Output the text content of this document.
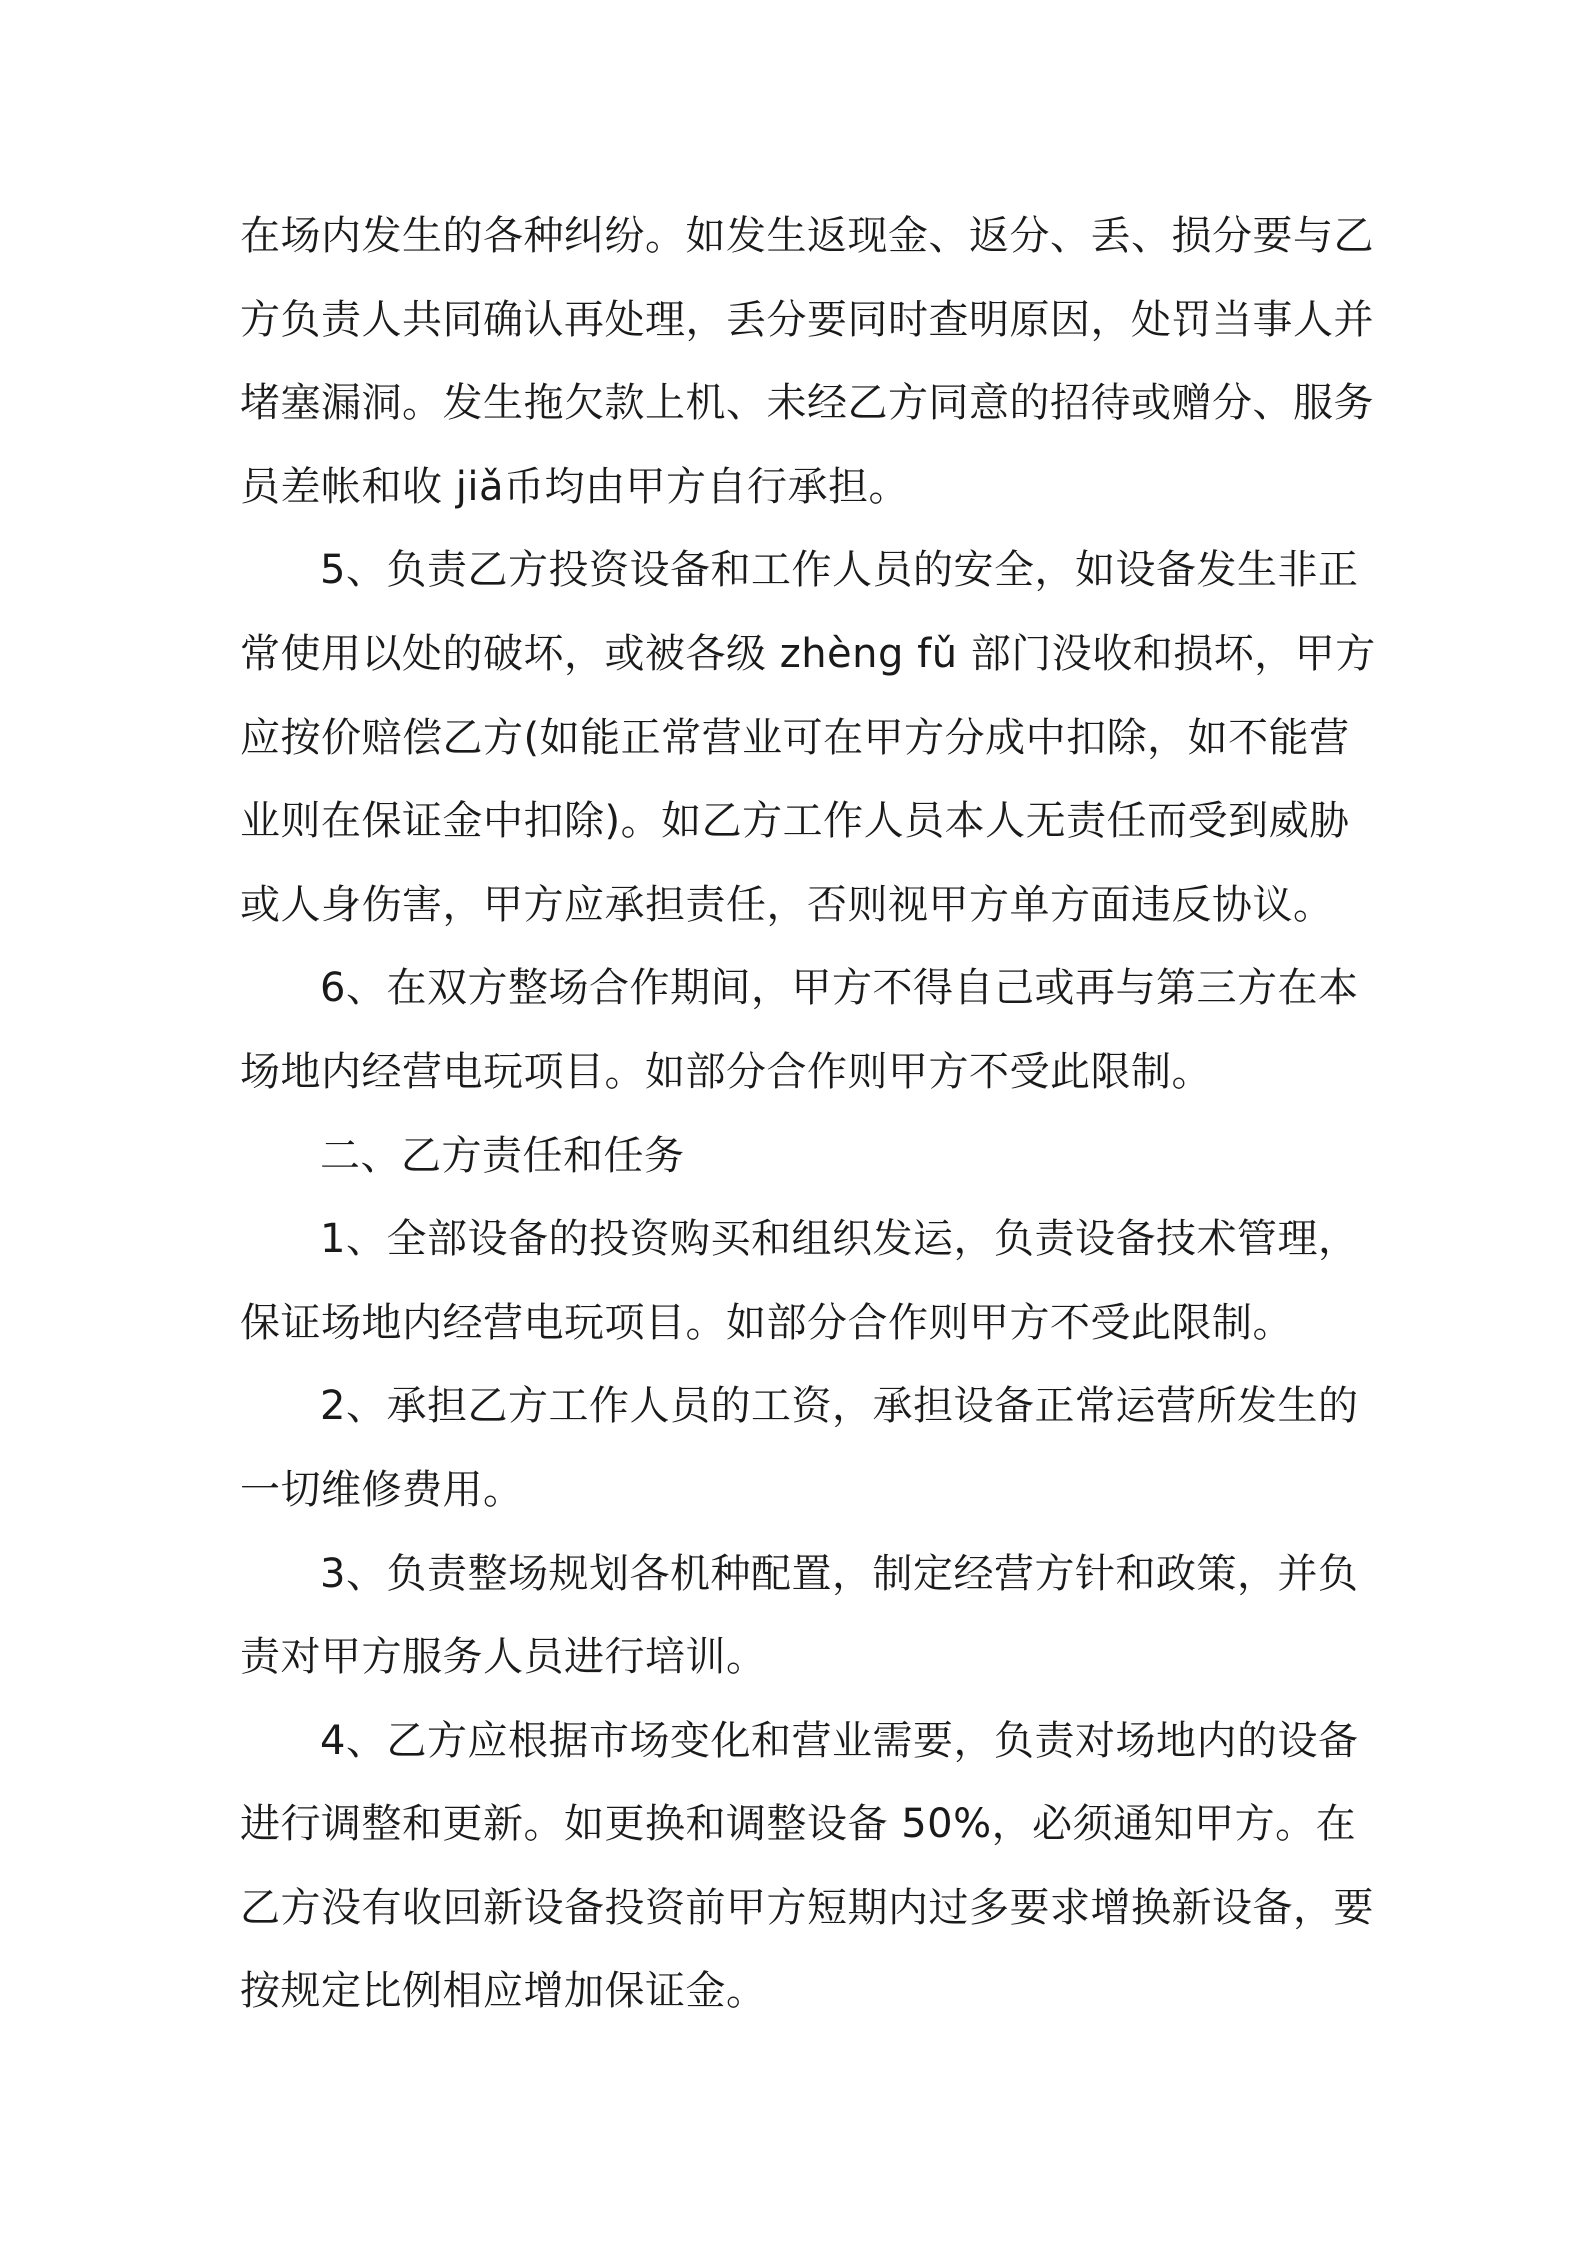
在场内发生的各种纠纷。如发生返现金、返分、丢、损分要与乙
方负责人共同确认再处理，丢分要同时查明原因，处罚当事人并
堵塞漏洞。发生拖欠款上机、未经乙方同意的招待或赠分、服务
员差帐和收 jiǎ币均由甲方自行承担。
5、负责乙方投资设备和工作人员的安全，如设备发生非正
常使用以处的破坏，或被各级 zhèng fǔ 部门没收和损坏，甲方
应按价赔偿乙方(如能正常营业可在甲方分成中扣除，如不能营
业则在保证金中扣除)。如乙方工作人员本人无责任而受到威胁
或人身伤害，甲方应承担责任，否则视甲方单方面违反协议。
6、在双方整场合作期间，甲方不得自己或再与第三方在本
场地内经营电玩项目。如部分合作则甲方不受此限制。
二、乙方责任和任务
1、全部设备的投资购买和组织发运，负责设备技术管理，
保证场地内经营电玩项目。如部分合作则甲方不受此限制。
2、承担乙方工作人员的工资，承担设备正常运营所发生的
一切维修费用。
3、负责整场规划各机种配置，制定经营方针和政策，并负
责对甲方服务人员进行培训。
4、乙方应根据市场变化和营业需要，负责对场地内的设备
进行调整和更新。如更换和调整设备 50%，必须通知甲方。在
乙方没有收回新设备投资前甲方短期内过多要求增换新设备，要
按规定比例相应增加保证金。
